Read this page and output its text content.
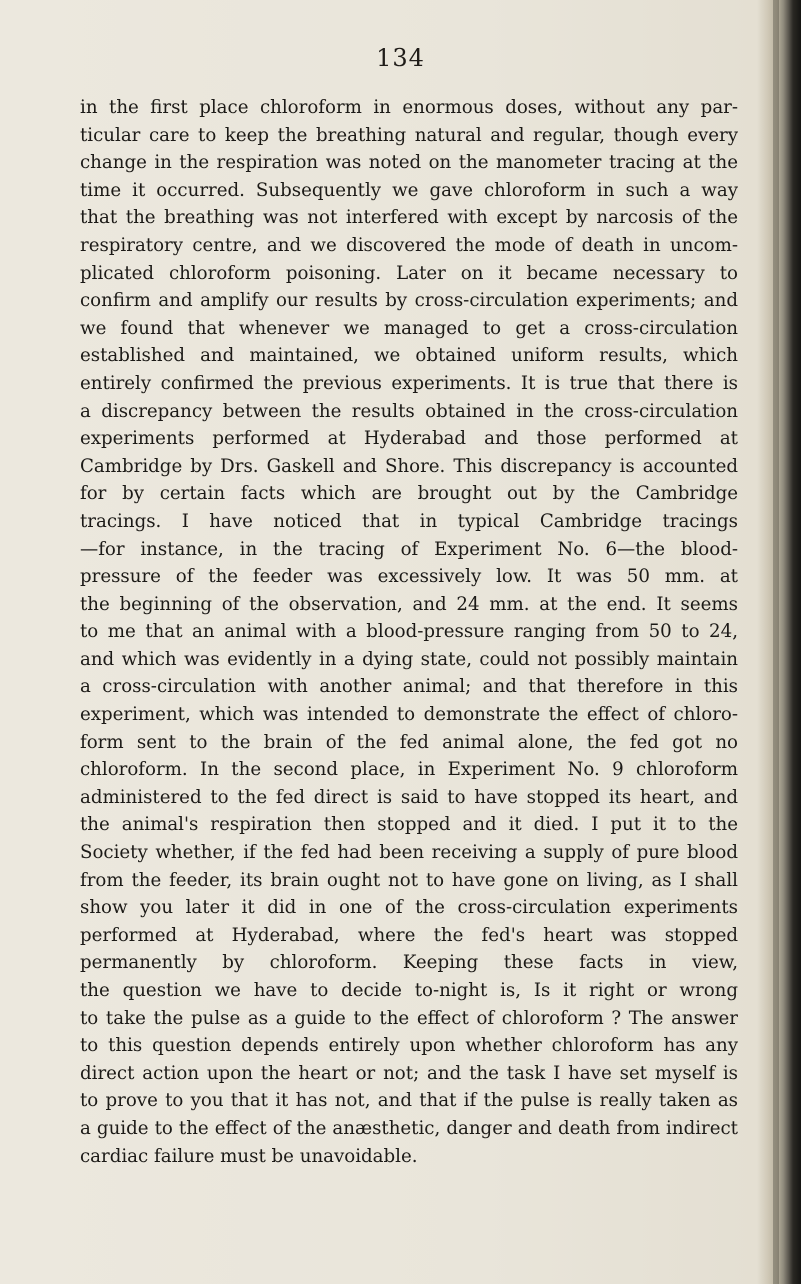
134
in the first place chloroform in enormous doses, without any par-
ticular care to keep the breathing natural and regular, though every
change in the respiration was noted on the manometer tracing at the
time it occurred. Subsequently we gave chloroform in such a way
that the breathing was not interfered with except by narcosis of the
respiratory centre, and we discovered the mode of death in uncom-
plicated chloroform poisoning. Later on it became necessary to
confirm and amplify our results by cross-circulation experiments; and
we found that whenever we managed to get a cross-circulation
established and maintained, we obtained uniform results, which
entirely confirmed the previous experiments. It is true that there is
a discrepancy between the results obtained in the cross-circulation
experiments performed at Hyderabad and those performed at
Cambridge by Drs. Gaskell and Shore. This discrepancy is accounted
for by certain facts which are brought out by the Cambridge
tracings. I have noticed that in typical Cambridge tracings
—for instance, in the tracing of Experiment No. 6—the blood-
pressure of the feeder was excessively low. It was 50 mm. at
the beginning of the observation, and 24 mm. at the end. It seems
to me that an animal with a blood-pressure ranging from 50 to 24,
and which was evidently in a dying state, could not possibly maintain
a cross-circulation with another animal; and that therefore in this
experiment, which was intended to demonstrate the effect of chloro-
form sent to the brain of the fed animal alone, the fed got no
chloroform. In the second place, in Experiment No. 9 chloroform
administered to the fed direct is said to have stopped its heart, and
the animal's respiration then stopped and it died. I put it to the
Society whether, if the fed had been receiving a supply of pure blood
from the feeder, its brain ought not to have gone on living, as I shall
show you later it did in one of the cross-circulation experiments
performed at Hyderabad, where the fed's heart was stopped
permanently by chloroform. Keeping these facts in view,
the question we have to decide to-night is, Is it right or wrong
to take the pulse as a guide to the effect of chloroform ? The answer
to this question depends entirely upon whether chloroform has any
direct action upon the heart or not; and the task I have set myself is
to prove to you that it has not, and that if the pulse is really taken as
a guide to the effect of the anæsthetic, danger and death from indirect
cardiac failure must be unavoidable.
